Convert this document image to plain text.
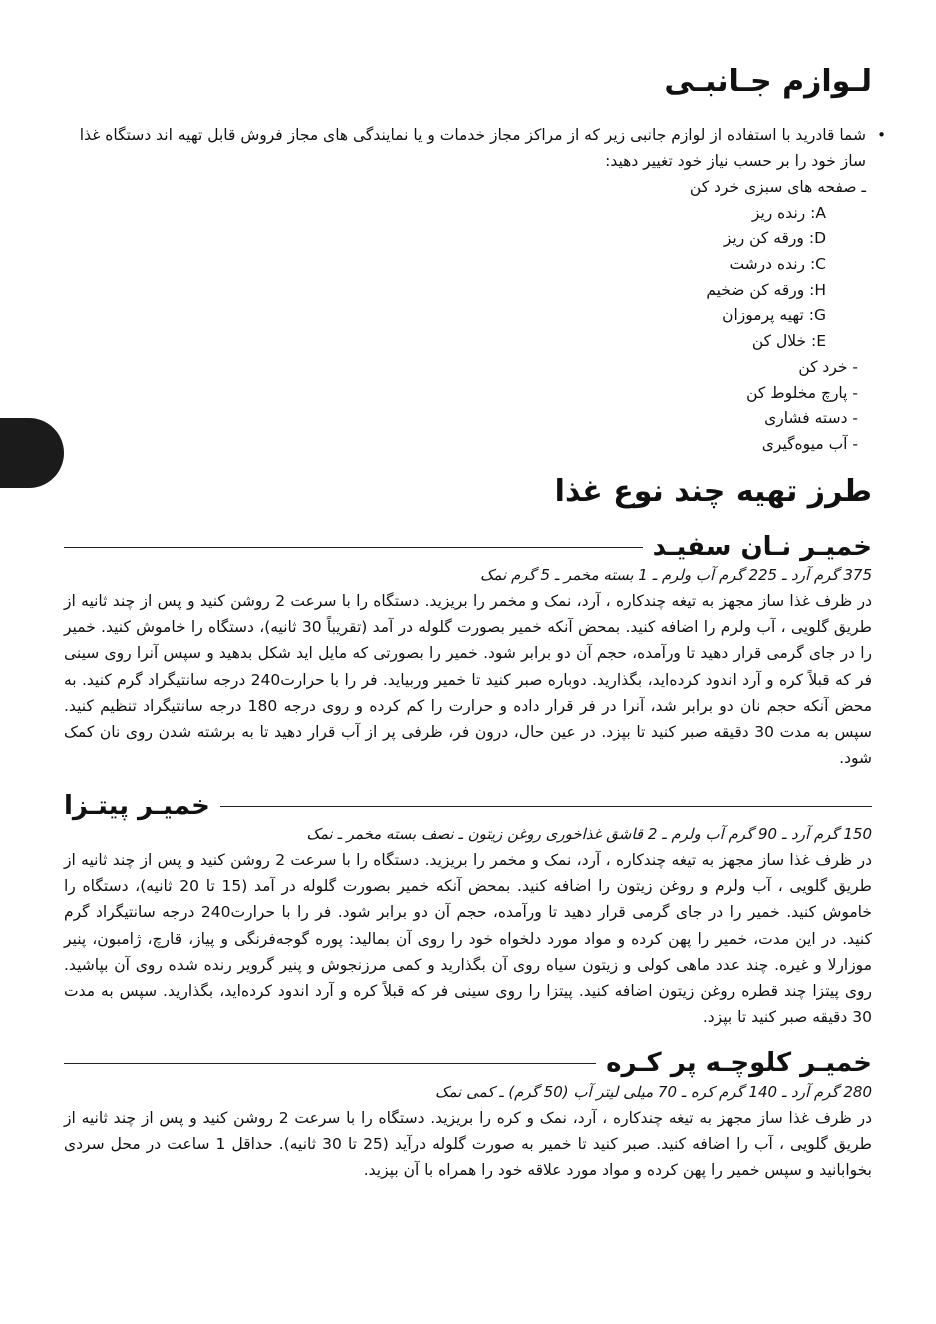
لـوازم جـانبـی
•
شما قادرید با استفاده از لوازم جانبی زیر که از مراکز مجاز خدمات و یا نمایندگی های مجاز فروش قابل تهیه اند دستگاه غذا ساز خود را بر حسب نیاز خود تغییر دهید:
ـ صفحه های سبزی خرد کن
A: رنده ریز
D: ورقه کن ریز
C: رنده درشت
H: ورقه کن ضخیم
G: تهیه پرموزان
E: خلال کن
- خرد کن
- پارچ مخلوط کن
- دسته فشاری
- آب میوه‌گیری
طرز تهیه چند نوع غذا
خمیـر نـان سفیـد
375 گرم آرد ـ 225 گرم آب ولرم ـ 1 بسته مخمر ـ 5 گرم نمک
در ظرف غذا ساز مجهز به تیغه چندکاره ، آرد، نمک و مخمر را بریزید. دستگاه را با سرعت 2 روشن کنید و پس از چند ثانیه از طریق گلویی ، آب ولرم را اضافه کنید. بمحض آنکه خمیر بصورت گلوله در آمد (تقریباً 30 ثانیه)، دستگاه را خاموش کنید. خمیر را در جای گرمی قرار دهید تا ورآمده، حجم آن دو برابر شود. خمیر را بصورتی که مایل اید شکل بدهید و سپس آنرا روی سینی فر که قبلاً کره و آرد اندود کرده‌اید، بگذارید. دوباره صبر کنید تا خمیر وربیاید. فر را با حرارت240 درجه سانتیگراد گرم کنید. به محض آنکه حجم نان دو برابر شد، آنرا در فر قرار داده و حرارت را کم کرده و روی درجه 180 درجه سانتیگراد تنظیم کنید. سپس به مدت 30 دقیقه صبر کنید تا بپزد. در عین حال، درون فر، ظرفی پر از آب قرار دهید تا به برشته شدن روی نان کمک شود.
خمیـر پیتـزا
150 گرم آرد ـ 90 گرم آب ولرم ـ 2 قاشق غذاخوری روغن زیتون ـ نصف بسته مخمر ـ نمک
در ظرف غذا ساز مجهز به تیغه چندکاره ، آرد، نمک و مخمر را بریزید. دستگاه را با سرعت 2 روشن کنید و پس از چند ثانیه از طریق گلویی ، آب ولرم و روغن زیتون را اضافه کنید. بمحض آنکه خمیر بصورت گلوله در آمد (15 تا 20 ثانیه)، دستگاه را خاموش کنید. خمیر را در جای گرمی قرار دهید تا ورآمده، حجم آن دو برابر شود. فر را با حرارت240 درجه سانتیگراد گرم کنید. در این مدت، خمیر را پهن کرده و مواد مورد دلخواه خود را روی آن بمالید: پوره گوجه‌فرنگی و پیاز، قارچ، ژامبون، پنیر موزارلا و غیره. چند عدد ماهی کولی و زیتون سیاه روی آن بگذارید و کمی مرزنجوش و پنیر گرویر رنده شده روی آن بپاشید. روی پیتزا چند قطره روغن زیتون اضافه کنید. پیتزا را روی سینی فر که قبلاً کره و آرد اندود کرده‌اید، بگذارید. سپس به مدت 30 دقیقه صبر کنید تا بپزد.
خمیـر کلوچـه پر کـره
280 گرم آرد ـ 140 گرم کره ـ 70 میلی لیتر آب (50 گرم) ـ کمی نمک
در ظرف غذا ساز مجهز به تیغه چندکاره ، آرد، نمک و کره را بریزید. دستگاه را با سرعت 2 روشن کنید و پس از چند ثانیه از طریق گلویی ، آب را اضافه کنید. صبر کنید تا خمیر به صورت گلوله درآید (25 تا 30 ثانیه). حداقل 1 ساعت در محل سردی بخوابانید و سپس خمیر را پهن کرده و مواد مورد علاقه خود را همراه با آن بپزید.
